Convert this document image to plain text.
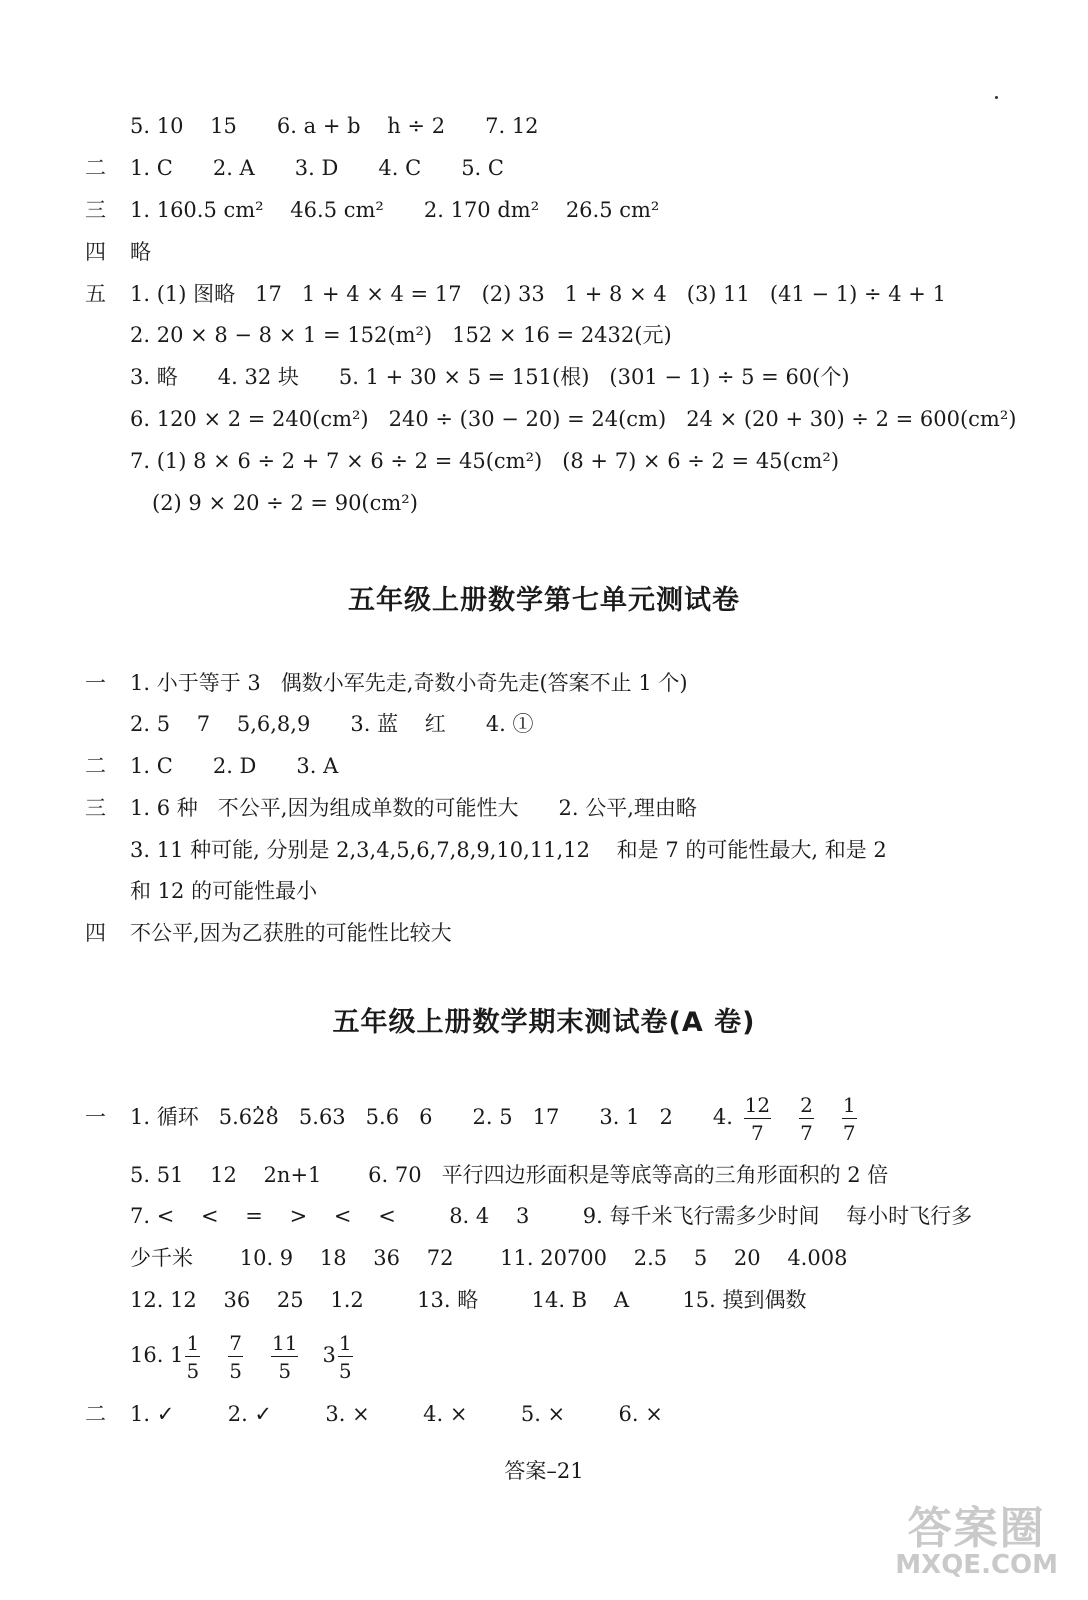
5. 10    15      6. a + b    h ÷ 2      7. 12
二 1. C      2. A      3. D      4. C      5. C
三 1. 160.5 cm²    46.5 cm²      2. 170 dm²    26.5 cm²
四 略
五 1. (1) 图略   17   1 + 4 × 4 = 17   (2) 33   1 + 8 × 4   (3) 11   (41 − 1) ÷ 4 + 1
2. 20 × 8 − 8 × 1 = 152(m²)   152 × 16 = 2432(元)
3. 略      4. 32 块      5. 1 + 30 × 5 = 151(根)   (301 − 1) ÷ 5 = 60(个)
6. 120 × 2 = 240(cm²)   240 ÷ (30 − 20) = 24(cm)   24 × (20 + 30) ÷ 2 = 600(cm²)
7. (1) 8 × 6 ÷ 2 + 7 × 6 ÷ 2 = 45(cm²)   (8 + 7) × 6 ÷ 2 = 45(cm²)
(2) 9 × 20 ÷ 2 = 90(cm²)
五年级上册数学第七单元测试卷
一 1. 小于等于 3   偶数小军先走,奇数小奇先走(答案不止 1 个)
2. 5    7    5,6,8,9      3. 蓝    红      4. ①
二 1. C      2. D      3. A
三 1. 6 种   不公平,因为组成单数的可能性大      2. 公平,理由略
3. 11 种可能, 分别是 2,3,4,5,6,7,8,9,10,11,12    和是 7 的可能性最大, 和是 2
和 12 的可能性最小
四 不公平,因为乙获胜的可能性比较大
五年级上册数学期末测试卷(A 卷)
一 1. 循环   5.6. 2. 8   5.63   5.6   6      2. 5   17      3. 1   2      4. $\frac{12}{7}$
$\frac{2}{7}$
$\frac{1}{7}$
5. 51    12    2n+1       6. 70   平行四边形面积是等底等高的三角形面积的 2 倍
7. <    <    =    >    <    <        8. 4    3        9. 每千米飞行需多少时间    每小时飞行多
少千米       10. 9    18    36    72       11. 20700    2.5    5    20    4.008
12. 12    36    25    1.2        13. 略        14. B    A        15. 摸到偶数
16. $1 \frac{1}{5}$
$\frac{7}{5}$
$\frac{11}{5} 3 \frac{1}{5}$
二 1. ✓        2. ✓        3. ×        4. ×        5. ×        6. ×
答案–21
答案圈
MXQE.COM
